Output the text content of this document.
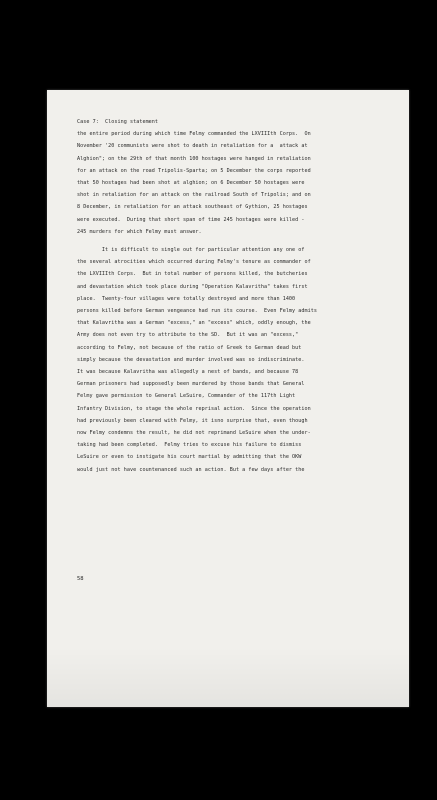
Case 7:  Closing statement
the entire period during which time Felmy commanded the LXVIIIth Corps.  On
November '20 communists were shot to death in retaliation for a  attack at
Alghion"; on the 29th of that month 100 hostages were hanged in retaliation
for an attack on the road Tripolis-Sparta; on 5 December the corps reported
that 50 hostages had been shot at alghion; on 6 December 50 hostages were
shot in retaliation for an attack on the railroad South of Tripolis; and on
8 December, in retaliation for an attack southeast of Gythion, 25 hostages
were executed.  During that short span of time 245 hostages were killed -
245 murders for which Felmy must answer.
It is difficult to single out for particular attention any one of
the several atrocities which occurred during Felmy's tenure as commander of
the LXVIIIth Corps.  But in total number of persons killed, the butcheries
and devastation which took place during "Operation Kalavritha" takes first
place.  Twenty-four villages were totally destroyed and more than 1400
persons killed before German vengeance had run its course.  Even Felmy admits
that Kalavritha was a German "excess," an "excess" which, oddly enough, the
Army does not even try to attribute to the SD.  But it was an "excess,"
according to Felmy, not because of the ratio of Greek to German dead but
simply because the devastation and murder involved was so indiscriminate.
It was because Kalavritha was allegedly a nest of bands, and because 78
German prisoners had supposedly been murdered by those bands that General
Felmy gave permission to General LeSuire, Commander of the 117th Light
Infantry Division, to stage the whole reprisal action.  Since the operation
had previously been cleared with Felmy, it isno surprise that, even though
now Felmy condemns the result, he did not reprimand LeSuire when the under-
taking had been completed.  Felmy tries to excuse his failure to dismiss
LeSuire or even to instigate his court martial by admitting that the OKW
would just not have countenanced such an action. But a few days after the
58
